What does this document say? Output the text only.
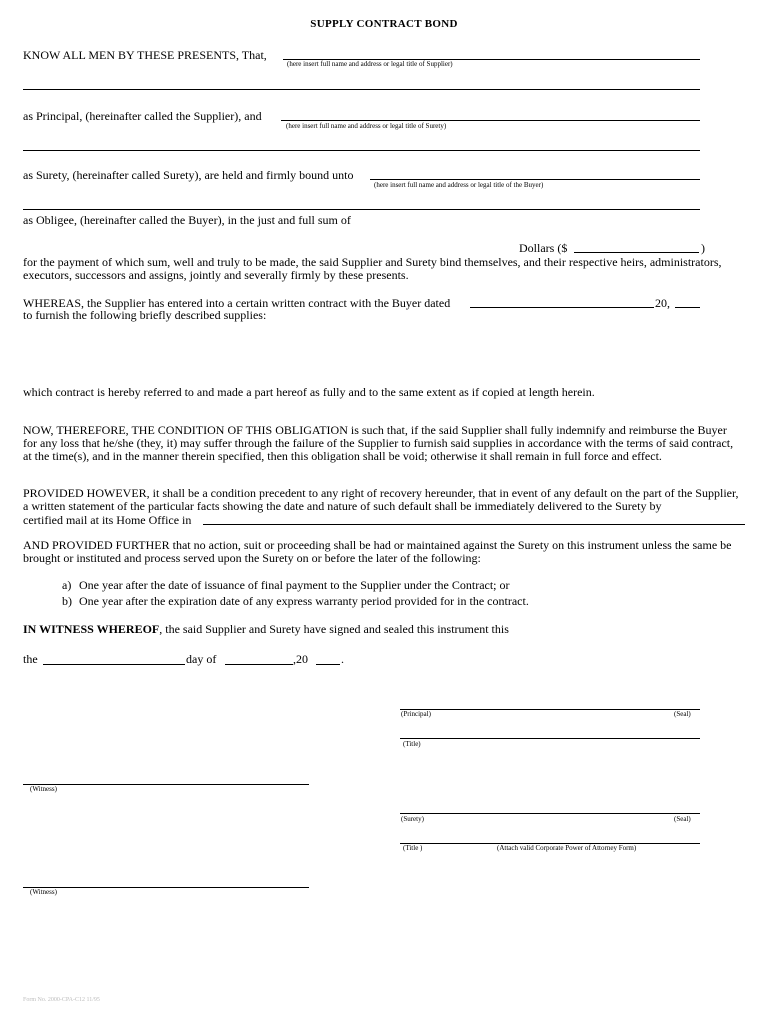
SUPPLY CONTRACT BOND
KNOW ALL MEN BY THESE PRESENTS, That,
(here insert full name and address or legal title of Supplier)
as Principal, (hereinafter called the Supplier), and
(here insert full name and address or legal title of Surety)
as Surety, (hereinafter called Surety), are held and firmly bound unto
(here insert full name and address or legal title of the Buyer)
as Obligee, (hereinafter called the Buyer), in the just and full sum of
Dollars ($	)
for the payment of which sum, well and truly to be made, the said Supplier and Surety bind themselves, and their respective heirs, administrators, executors, successors and assigns, jointly and severally firmly by these presents.
WHEREAS, the Supplier has entered into a certain written contract with the Buyer dated	20,
to furnish the following briefly described supplies:
which contract is hereby referred to and made a part hereof as fully and to the same extent as if copied at length herein.
NOW, THEREFORE, THE CONDITION OF THIS OBLIGATION is such that, if the said Supplier shall fully indemnify and reimburse the Buyer for any loss that he/she (they, it) may suffer through the failure of the Supplier to furnish said supplies in accordance with the terms of said contract, at the time(s), and in the manner therein specified, then this obligation shall be void; otherwise it shall remain in full force and effect.
PROVIDED HOWEVER, it shall be a condition precedent to any right of recovery hereunder, that in event of any default on the part of the Supplier, a written statement of the particular facts showing the date and nature of such default shall be immediately delivered to the Surety by
certified mail at its Home Office in
AND PROVIDED FURTHER that no action, suit or proceeding shall be had or maintained against the Surety on this instrument unless the same be brought or instituted and process served upon the Surety on or before the later of the following:
a) One year after the date of issuance of final payment to the Supplier under the Contract; or
b) One year after the expiration date of any express warranty period provided for in the contract.
IN WITNESS WHEREOF, the said Supplier and Surety have signed and sealed this instrument this
the	day of	,20	.
(Principal)	(Seal)
(Title)
(Witness)
(Surety)	(Seal)
(Title )	(Attach valid Corporate Power of Attorney Form)
(Witness)
Form No. 2000-CPA-C12 11/95
